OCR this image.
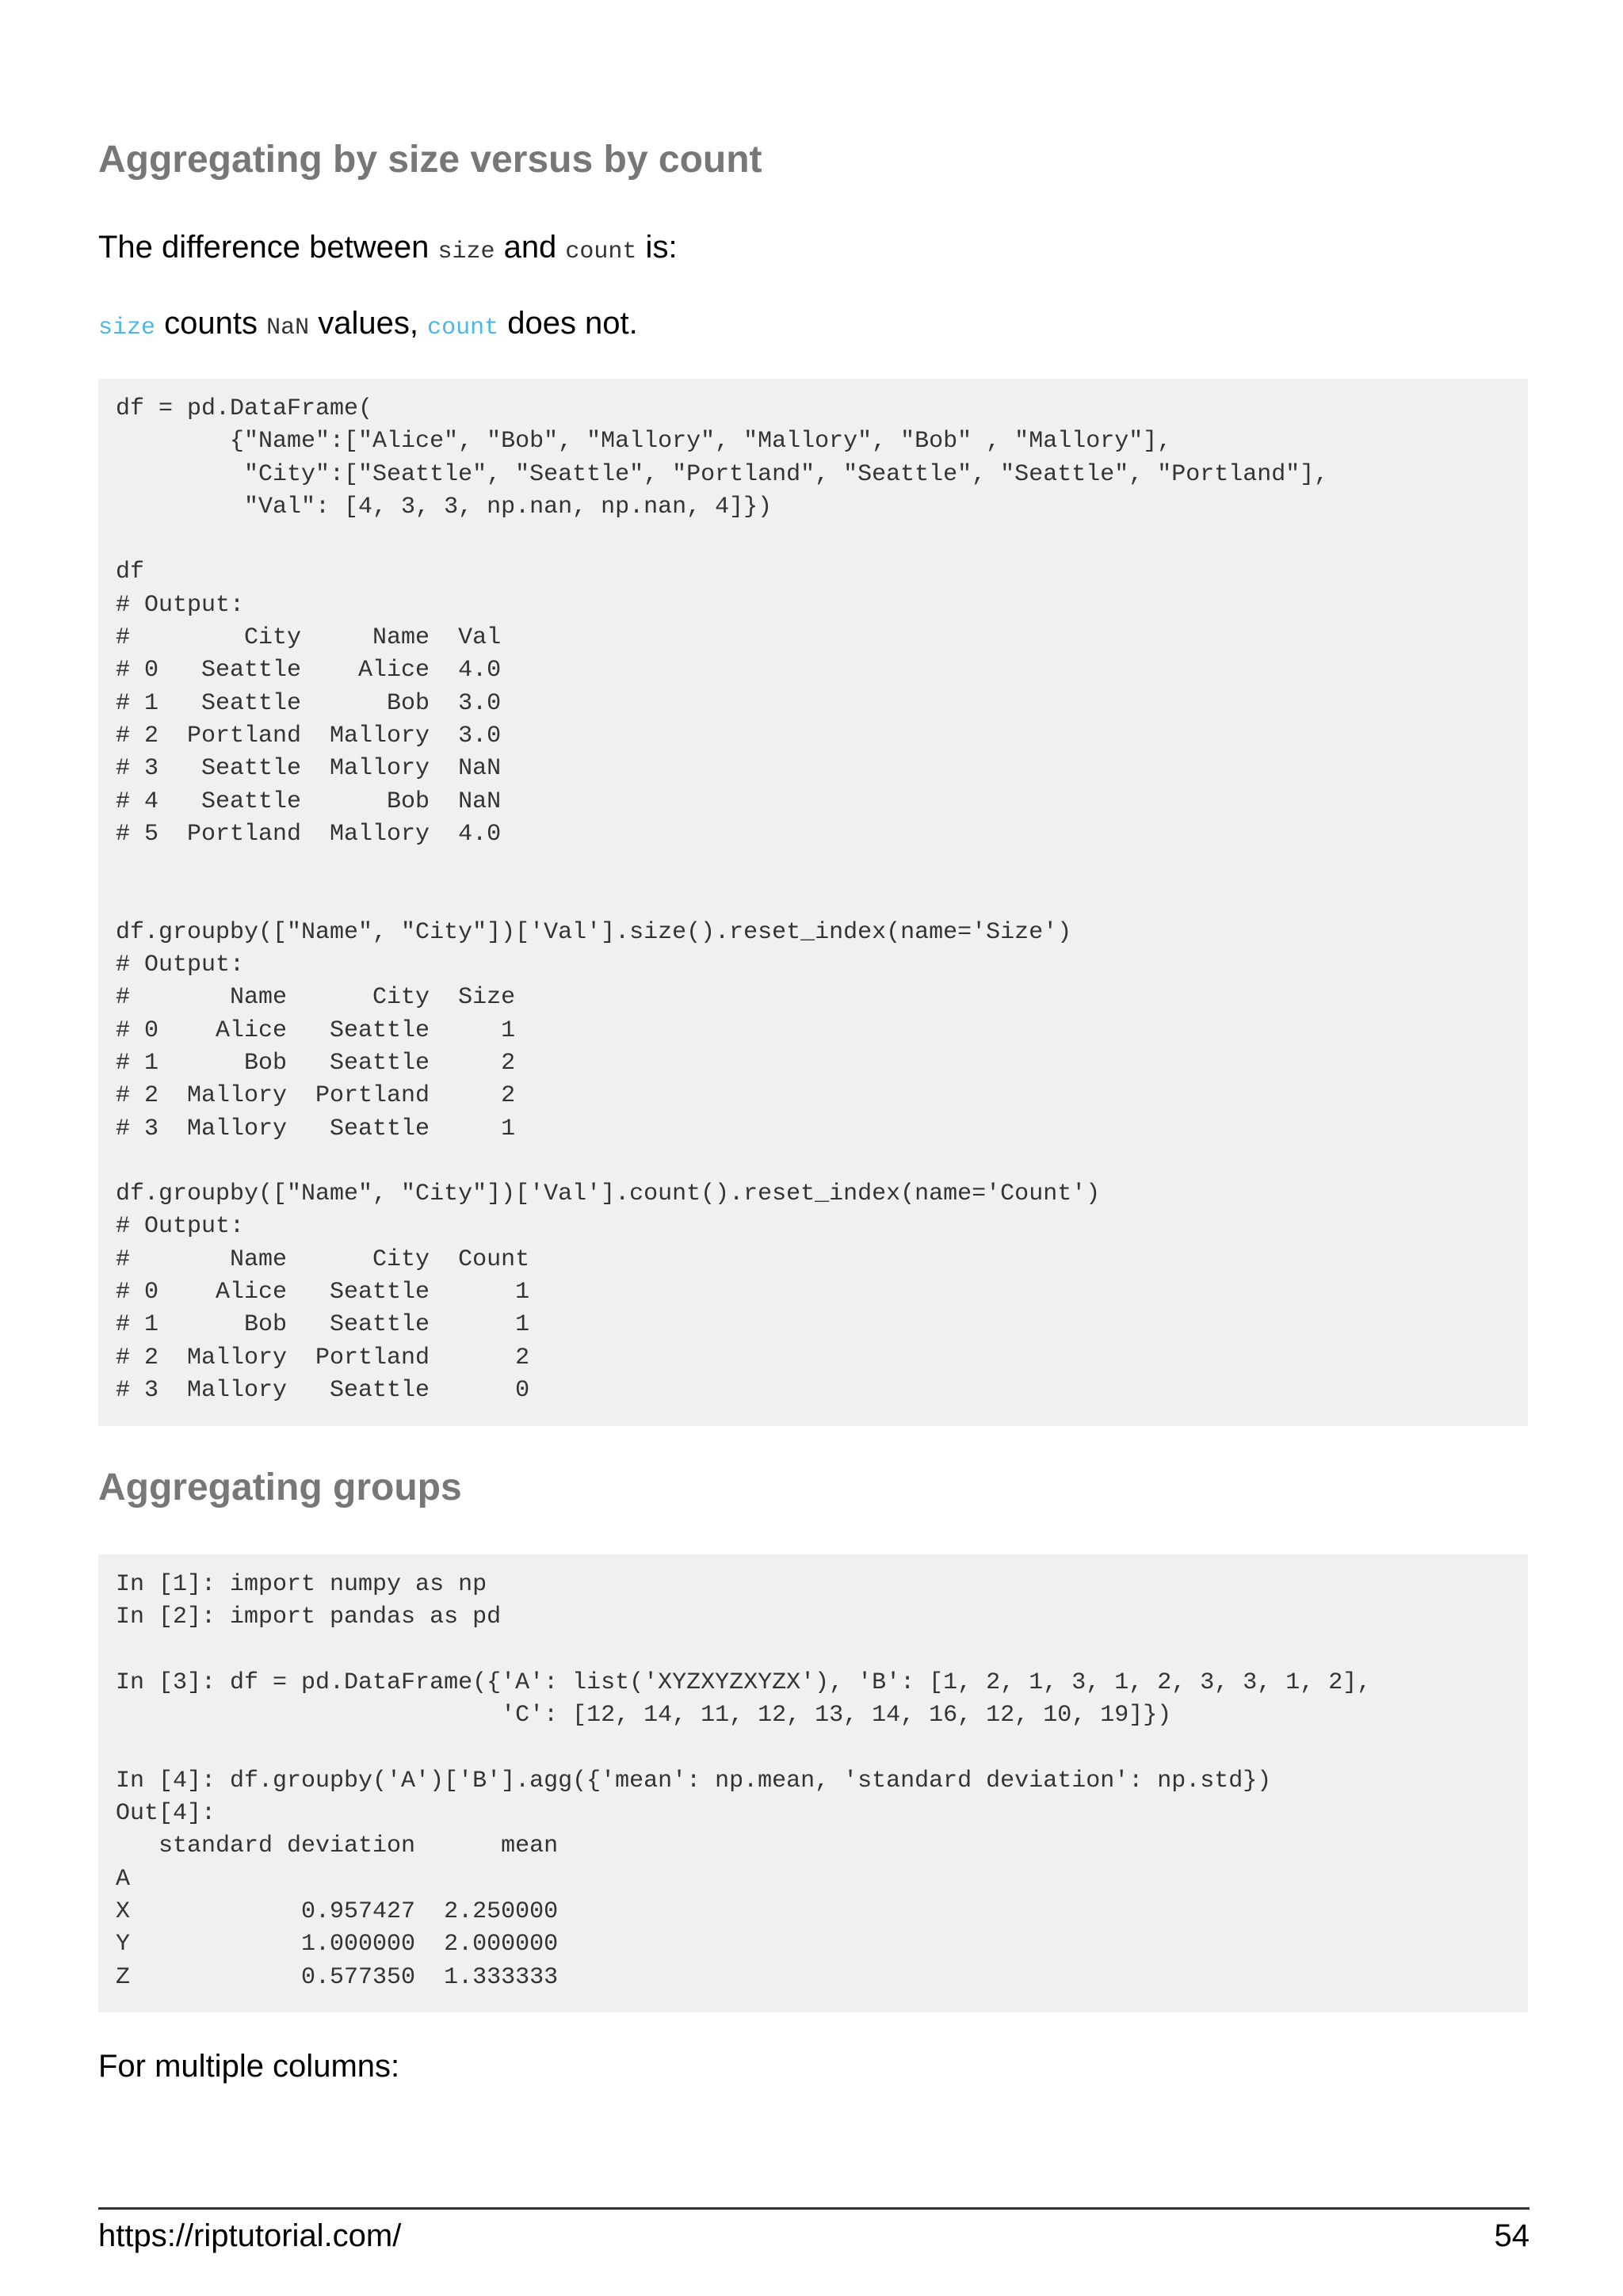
Aggregating by size versus by count

The difference between size and count is:

size counts NaN values, count does not.

df = pd.DataFrame(
{"Name":["Alice", "Bob", "Mallory", "Mallory", "Bob" , "Mallory"],
"City":["Seattle", "Seattle", "Portland", "Seattle", "Seattle", "Portland"],
"Val": [4, 3, 3, np.nan, np.nan, 4]})

df
# Output:
#        City     Name  Val
# 0   Seattle    Alice  4.0
# 1   Seattle      Bob  3.0
# 2  Portland  Mallory  3.0
# 3   Seattle  Mallory  NaN
# 4   Seattle      Bob  NaN
# 5  Portland  Mallory  4.0

df.groupby(["Name", "City"])['Val'].size().reset_index(name='Size')
# Output:
#       Name      City  Size
# 0    Alice   Seattle     1
# 1      Bob   Seattle     2
# 2  Mallory  Portland     2
# 3  Mallory   Seattle     1

df.groupby(["Name", "City"])['Val'].count().reset_index(name='Count')
# Output:
#       Name      City  Count
# 0    Alice   Seattle      1
# 1      Bob   Seattle      1
# 2  Mallory  Portland      2
# 3  Mallory   Seattle      0
Aggregating groups
In [1]: import numpy as np
In [2]: import pandas as pd

In [3]: df = pd.DataFrame({'A': list('XYZXYZXYZX'), 'B': [1, 2, 1, 3, 1, 2, 3, 3, 1, 2],
'C': [12, 14, 11, 12, 13, 14, 16, 12, 10, 19]})

In [4]: df.groupby('A')['B'].agg({'mean': np.mean, 'standard deviation': np.std})
Out[4]:
standard deviation      mean
A
X            0.957427  2.250000
Y            1.000000  2.000000
Z            0.577350  1.333333

For multiple columns:

https://riptutorial.com/	54
